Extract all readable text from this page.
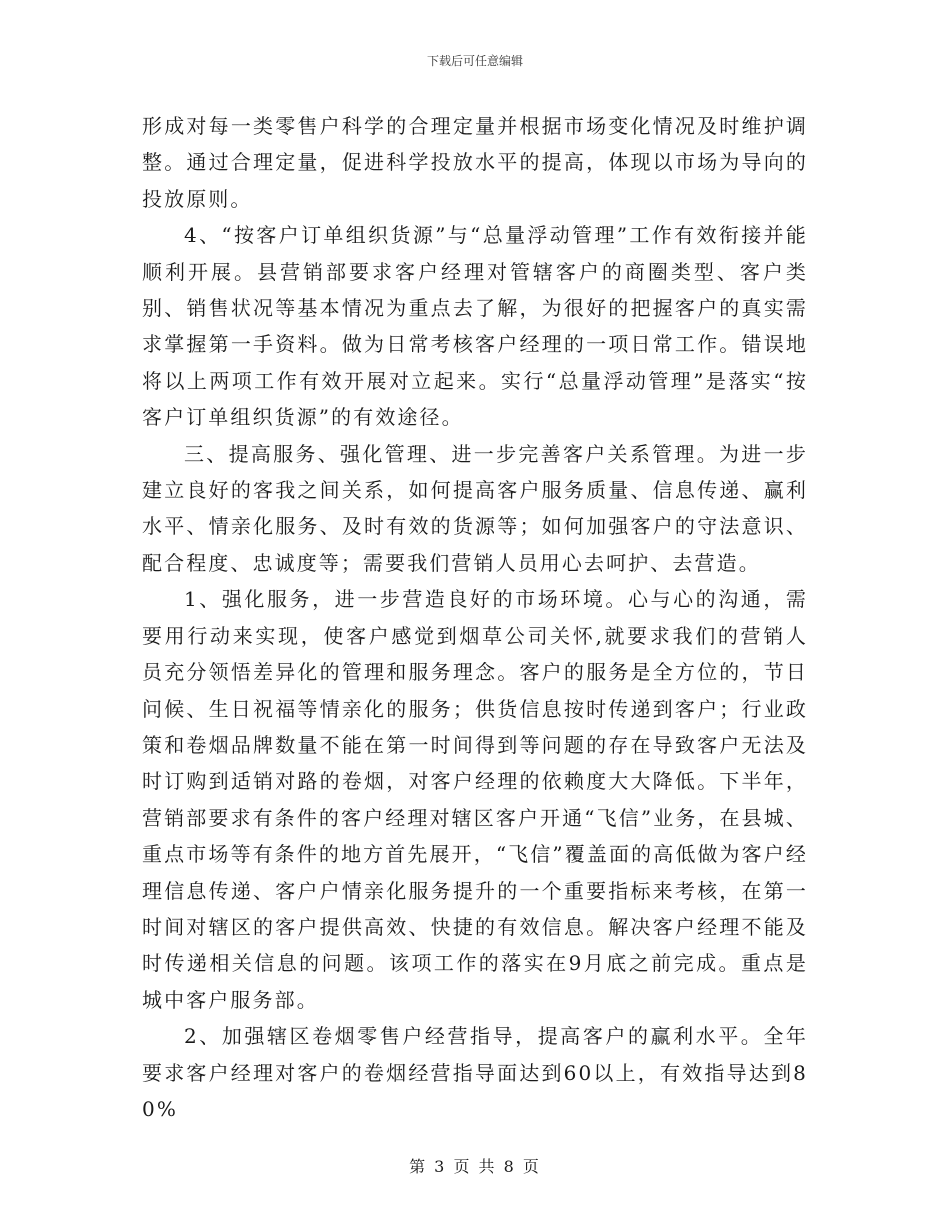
下载后可任意编辑

形成对每一类零售户科学的合理定量并根据市场变化情况及时维护调整。通过合理定量，促进科学投放水平的提高，体现以市场为导向的投放原则。

4、“按客户订单组织货源”与“总量浮动管理”工作有效衔接并能顺利开展。县营销部要求客户经理对管辖客户的商圈类型、客户类别、销售状况等基本情况为重点去了解，为很好的把握客户的真实需求掌握第一手资料。做为日常考核客户经理的一项日常工作。错误地将以上两项工作有效开展对立起来。实行“总量浮动管理”是落实“按客户订单组织货源”的有效途径。

三、提高服务、强化管理、进一步完善客户关系管理。为进一步建立良好的客我之间关系，如何提高客户服务质量、信息传递、赢利水平、情亲化服务、及时有效的货源等；如何加强客户的守法意识、配合程度、忠诚度等；需要我们营销人员用心去呵护、去营造。

1、强化服务，进一步营造良好的市场环境。心与心的沟通，需要用行动来实现，使客户感觉到烟草公司关怀,就要求我们的营销人员充分领悟差异化的管理和服务理念。客户的服务是全方位的，节日问候、生日祝福等情亲化的服务；供货信息按时传递到客户；行业政策和卷烟品牌数量不能在第一时间得到等问题的存在导致客户无法及时订购到适销对路的卷烟，对客户经理的依赖度大大降低。下半年，营销部要求有条件的客户经理对辖区客户开通“飞信”业务，在县城、重点市场等有条件的地方首先展开，“飞信”覆盖面的高低做为客户经理信息传递、客户户情亲化服务提升的一个重要指标来考核，在第一时间对辖区的客户提供高效、快捷的有效信息。解决客户经理不能及时传递相关信息的问题。该项工作的落实在9月底之前完成。重点是城中客户服务部。

2、加强辖区卷烟零售户经营指导，提高客户的赢利水平。全年要求客户经理对客户的卷烟经营指导面达到60以上，有效指导达到80%

第 3 页 共 8 页
